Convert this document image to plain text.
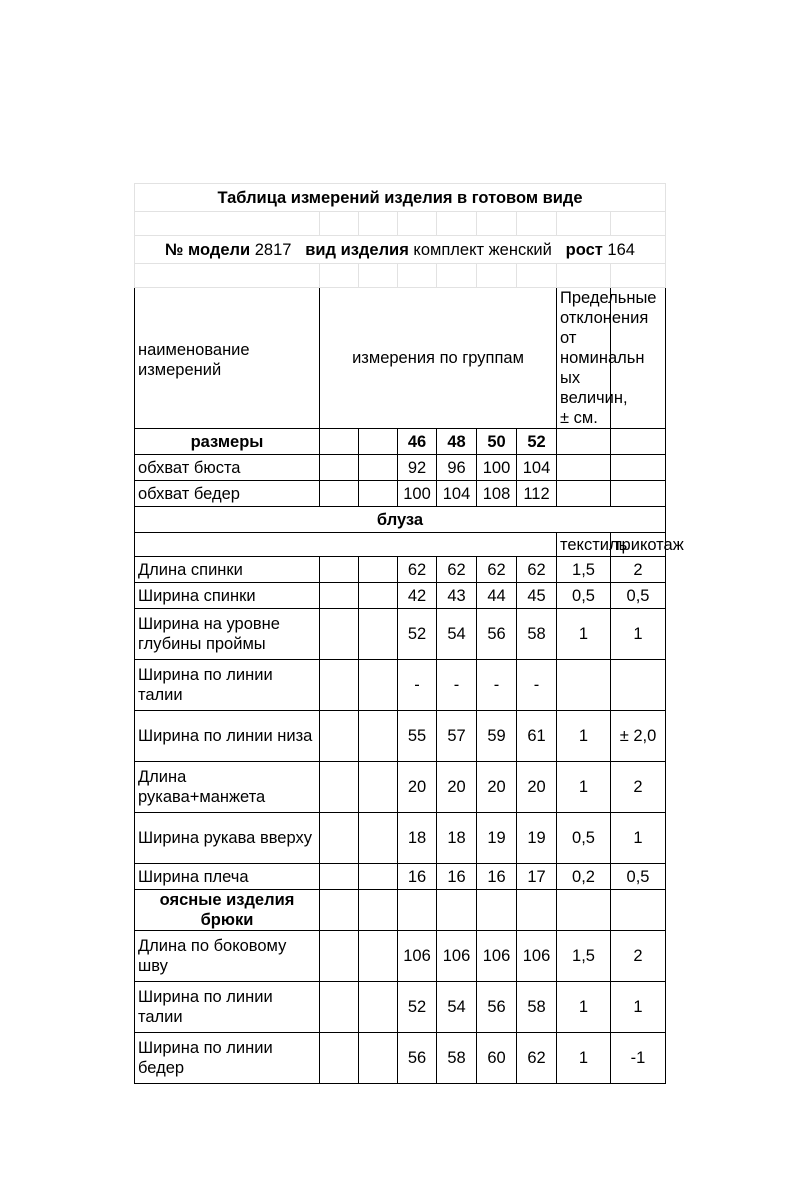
Таблица измерений изделия в готовом виде								

№ модели 2817 вид изделия комплект женский рост 164								

наименование измерений	измерения по группам						Предельные отклонения от номинальн ых величин, ± см.	
размеры			46	48	50	52		
обхват бюста			92	96	100	104		
обхват бедер			100	104	108	112		
блуза								
							текстиль	трикотаж
Длина спинки			62	62	62	62	1,5	2
Ширина спинки			42	43	44	45	0,5	0,5
Ширина на уровне глубины проймы			52	54	56	58	1	1
Ширина по линии талии			-	-	-	-		
Ширина по линии низа			55	57	59	61	1	± 2,0
Длина рукава+манжета			20	20	20	20	1	2
Ширина рукава вверху			18	18	19	19	0,5	1
Ширина плеча			16	16	16	17	0,2	0,5
оясные изделия брюки								
Длина по боковому шву			106	106	106	106	1,5	2
Ширина по линии талии			52	54	56	58	1	1
Ширина по линии бедер			56	58	60	62	1	-1
